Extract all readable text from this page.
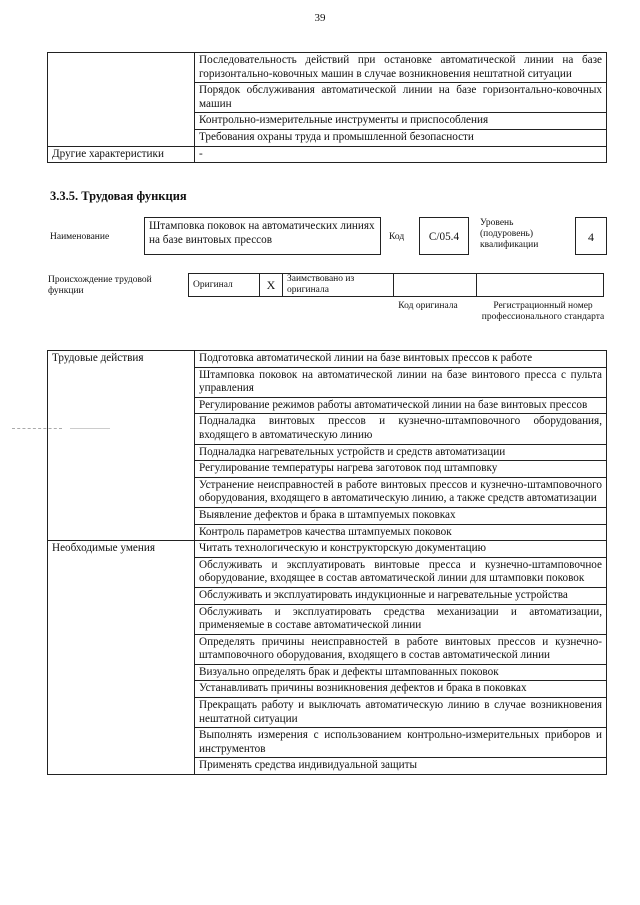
39
	Последовательность действий при остановке автоматической линии на базе горизонтально-ковочных машин в случае возникновения нештатной ситуации
	Порядок обслуживания автоматической линии на базе горизонтально-ковочных машин
	Контрольно-измерительные инструменты и приспособления
	Требования охраны труда и промышленной безопасности
Другие характеристики	-
3.3.5. Трудовая функция
Наименование
Штамповка поковок на автоматических линиях на базе винтовых прессов	Код	С/05.4
Уровень (подуровень) квалификации
4
Происхождение трудовой функции
Оригинал	X	Заимствовано из оригинала		
Код оригинала	Регистрационный номер профессионального стандарта
Трудовые действия	Подготовка автоматической линии на базе винтовых прессов к работе
	Штамповка поковок на автоматической линии на базе винтового пресса с пульта управления
	Регулирование режимов работы автоматической линии на базе винтовых прессов
	Подналадка винтовых прессов и кузнечно-штамповочного оборудования, входящего в автоматическую линию
	Подналадка нагревательных устройств и средств автоматизации
	Регулирование температуры нагрева заготовок под штамповку
	Устранение неисправностей в работе винтовых прессов и кузнечно-штамповочного оборудования, входящего в автоматическую линию, а также средств автоматизации
	Выявление дефектов и брака в штампуемых поковках
	Контроль параметров качества штампуемых поковок
Необходимые умения	Читать технологическую и конструкторскую документацию
	Обслуживать и эксплуатировать винтовые пресса и кузнечно-штамповочное оборудование, входящее в состав автоматической линии для штамповки поковок
	Обслуживать и эксплуатировать индукционные и нагревательные устройства
	Обслуживать и эксплуатировать средства механизации и автоматизации, применяемые в составе автоматической линии
	Определять причины неисправностей в работе винтовых прессов и кузнечно-штамповочного оборудования, входящего в состав автоматической линии
	Визуально определять брак и дефекты штампованных поковок
	Устанавливать причины возникновения дефектов и брака в поковках
	Прекращать работу и выключать автоматическую линию в случае возникновения нештатной ситуации
	Выполнять измерения с использованием контрольно-измерительных приборов и инструментов
	Применять средства индивидуальной защиты
